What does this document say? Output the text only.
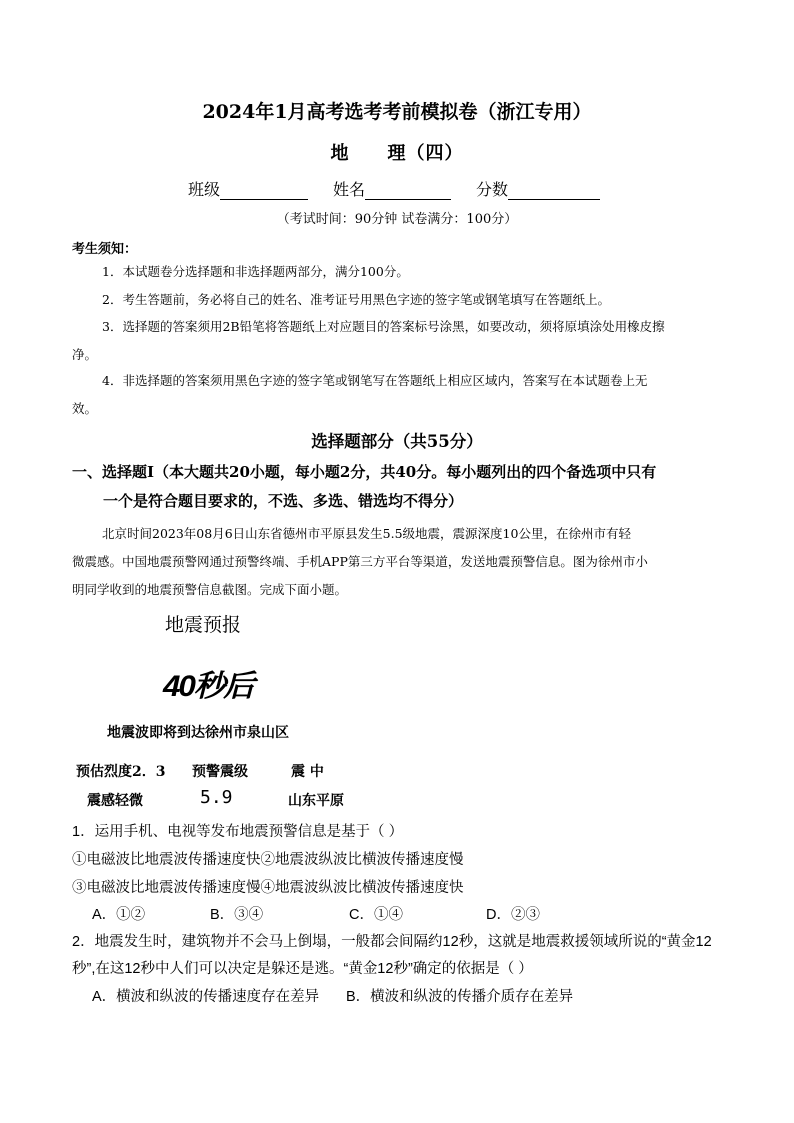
2024年1月高考选考考前模拟卷（浙江专用）
地 理（四）
班级	姓名	分数
（考试时间：90分钟 试卷满分：100分）
考生须知：
1．本试题卷分选择题和非选择题两部分，满分100分。
2．考生答题前，务必将自己的姓名、准考证号用黑色字迹的签字笔或钢笔填写在答题纸上。
3．选择题的答案须用2B铅笔将答题纸上对应题目的答案标号涂黑，如要改动，须将原填涂处用橡皮擦
净。
4．非选择题的答案须用黑色字迹的签字笔或钢笔写在答题纸上相应区域内，答案写在本试题卷上无
效。
选择题部分（共55分）
一、选择题Ⅰ（本大题共20小题，每小题2分，共40分。每小题列出的四个备选项中只有
一个是符合题目要求的，不选、多选、错选均不得分）
北京时间2023年08月6日山东省德州市平原县发生5.5级地震，震源深度10公里，在徐州市有轻
微震感。中国地震预警网通过预警终端、手机APP第三方平台等渠道，发送地震预警信息。图为徐州市小
明同学收到的地震预警信息截图。完成下面小题。
地震预报
40秒后
地震波即将到达徐州市泉山区
预估烈度2．3 预警震级	震 中
震感轻微	5.9	山东平原
1．运用手机、电视等发布地震预警信息是基于（ ）
①电磁波比地震波传播速度快②地震波纵波比横波传播速度慢
③电磁波比地震波传播速度慢④地震波纵波比横波传播速度快
A．①②	B．③④	C．①④	D．②③
2．地震发生时，建筑物并不会马上倒塌，一般都会间隔约12秒，这就是地震救援领域所说的“黄金12
秒”,在这12秒中人们可以决定是躲还是逃。“黄金12秒”确定的依据是（ ）
A．横波和纵波的传播速度存在差异 B．横波和纵波的传播介质存在差异
